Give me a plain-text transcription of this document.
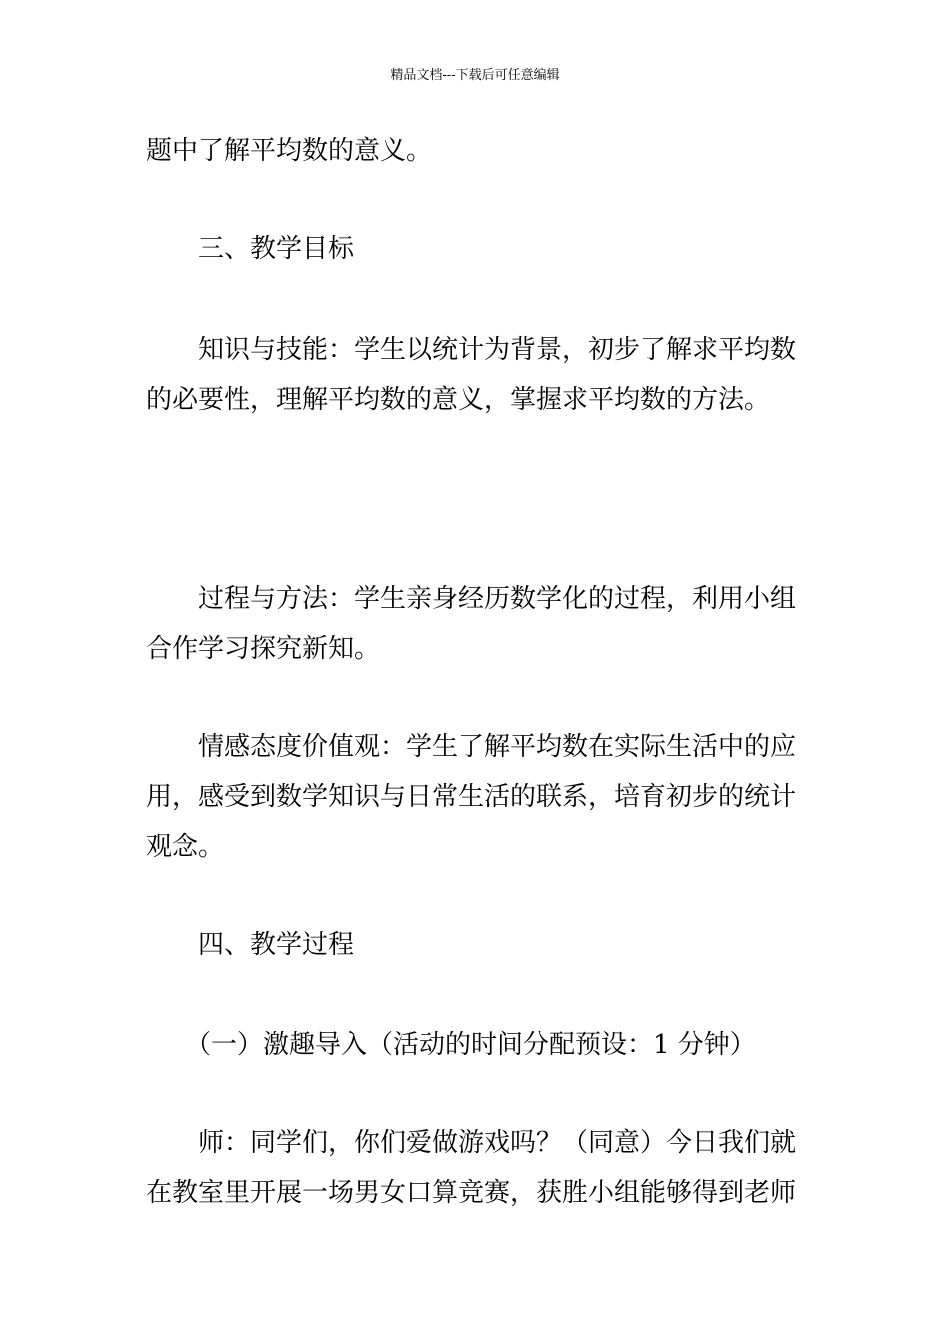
精品文档---下载后可任意编辑
题中了解平均数的意义。
　　三、教学目标
　　知识与技能：学生以统计为背景，初步了解求平均数
的必要性，理解平均数的意义，掌握求平均数的方法。
　　过程与方法：学生亲身经历数学化的过程，利用小组
合作学习探究新知。
　　情感态度价值观：学生了解平均数在实际生活中的应
用，感受到数学知识与日常生活的联系，培育初步的统计
观念。
　　四、教学过程
　　（一）激趣导入（活动的时间分配预设：1 分钟）
　　师：同学们，你们爱做游戏吗？（同意）今日我们就
在教室里开展一场男女口算竞赛，获胜小组能够得到老师
